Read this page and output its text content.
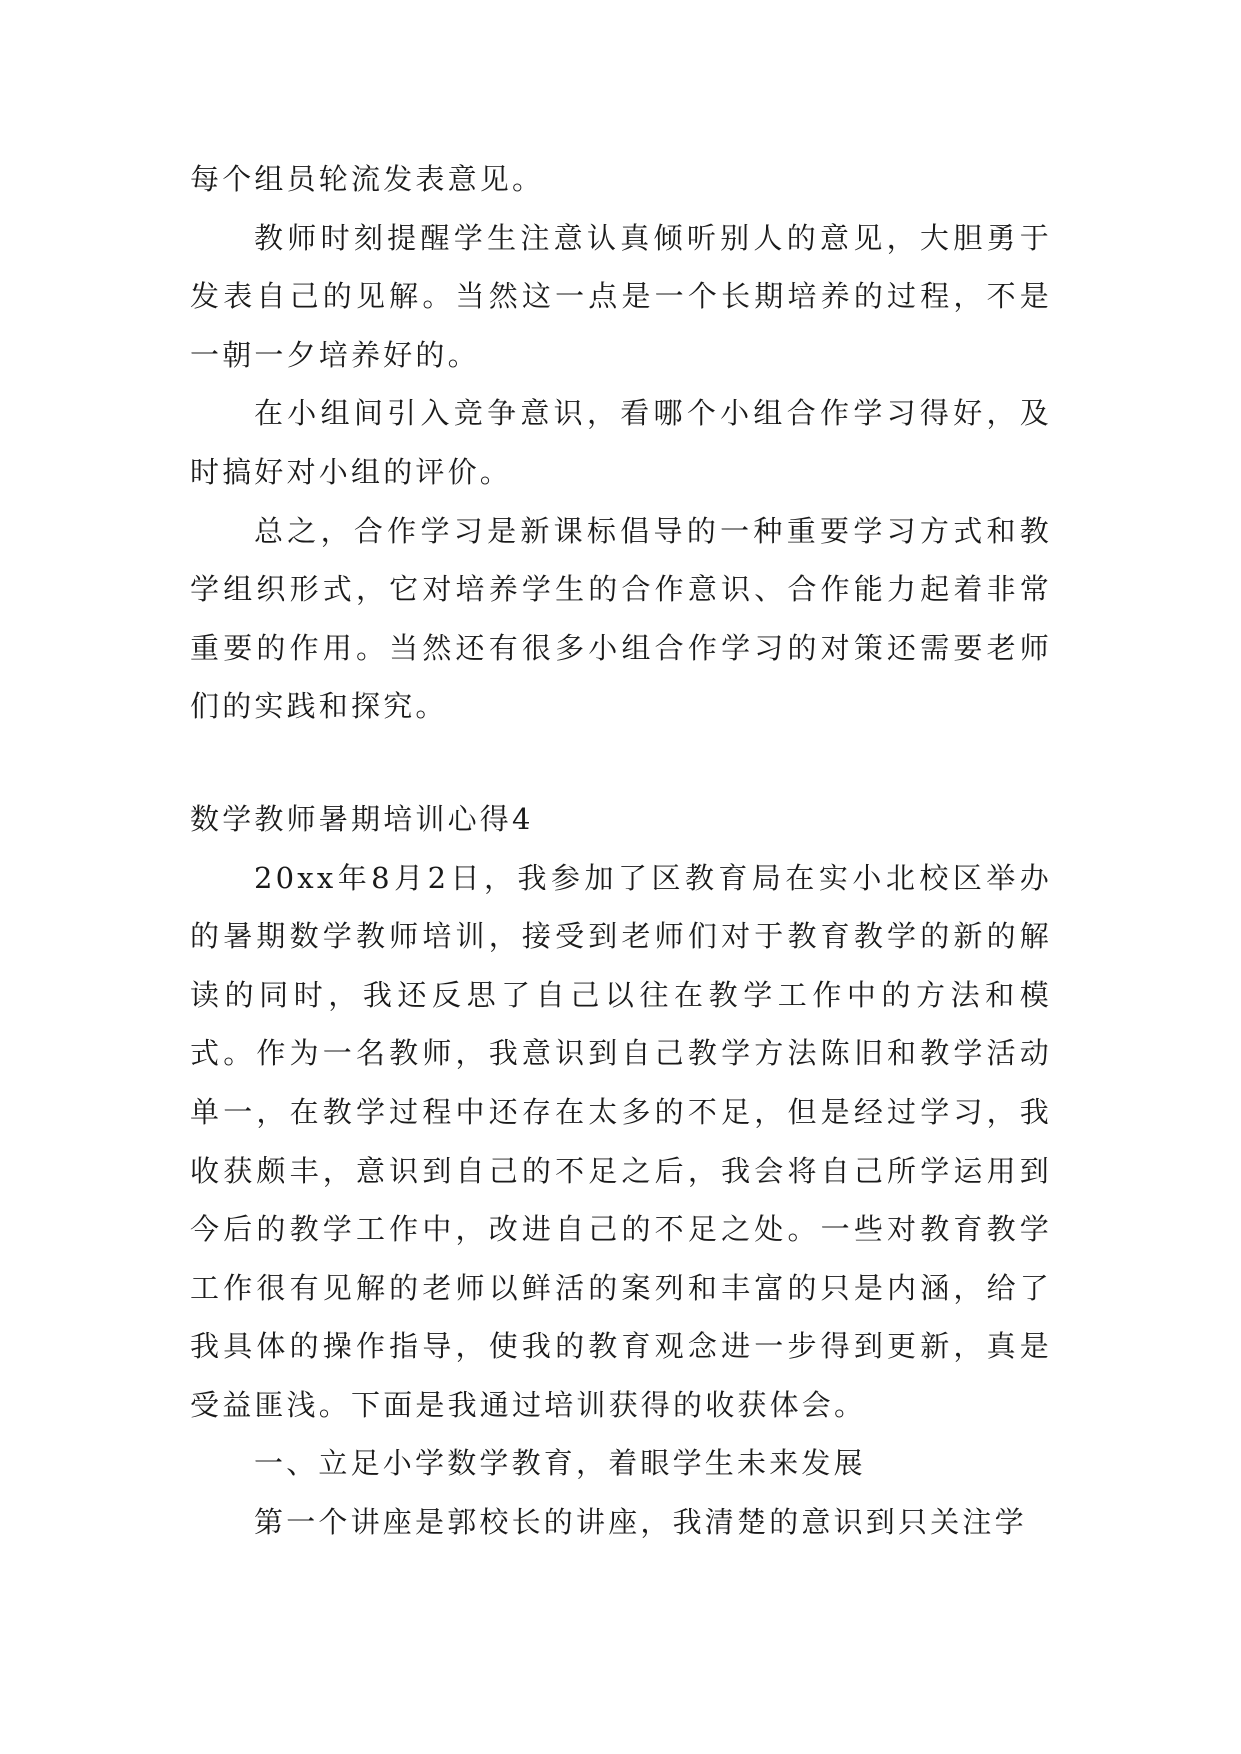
每个组员轮流发表意见。

教师时刻提醒学生注意认真倾听别人的意见，大胆勇于发表自己的见解。当然这一点是一个长期培养的过程，不是一朝一夕培养好的。

在小组间引入竞争意识，看哪个小组合作学习得好，及时搞好对小组的评价。

总之，合作学习是新课标倡导的一种重要学习方式和教学组织形式，它对培养学生的合作意识、合作能力起着非常重要的作用。当然还有很多小组合作学习的对策还需要老师们的实践和探究。

数学教师暑期培训心得4

20xx年8月2日，我参加了区教育局在实小北校区举办的暑期数学教师培训，接受到老师们对于教育教学的新的解读的同时，我还反思了自己以往在教学工作中的方法和模式。作为一名教师，我意识到自己教学方法陈旧和教学活动单一，在教学过程中还存在太多的不足，但是经过学习，我收获颇丰，意识到自己的不足之后，我会将自己所学运用到今后的教学工作中，改进自己的不足之处。一些对教育教学工作很有见解的老师以鲜活的案列和丰富的只是内涵，给了我具体的操作指导，使我的教育观念进一步得到更新，真是受益匪浅。下面是我通过培训获得的收获体会。

一、立足小学数学教育，着眼学生未来发展

第一个讲座是郭校长的讲座，我清楚的意识到只关注学
